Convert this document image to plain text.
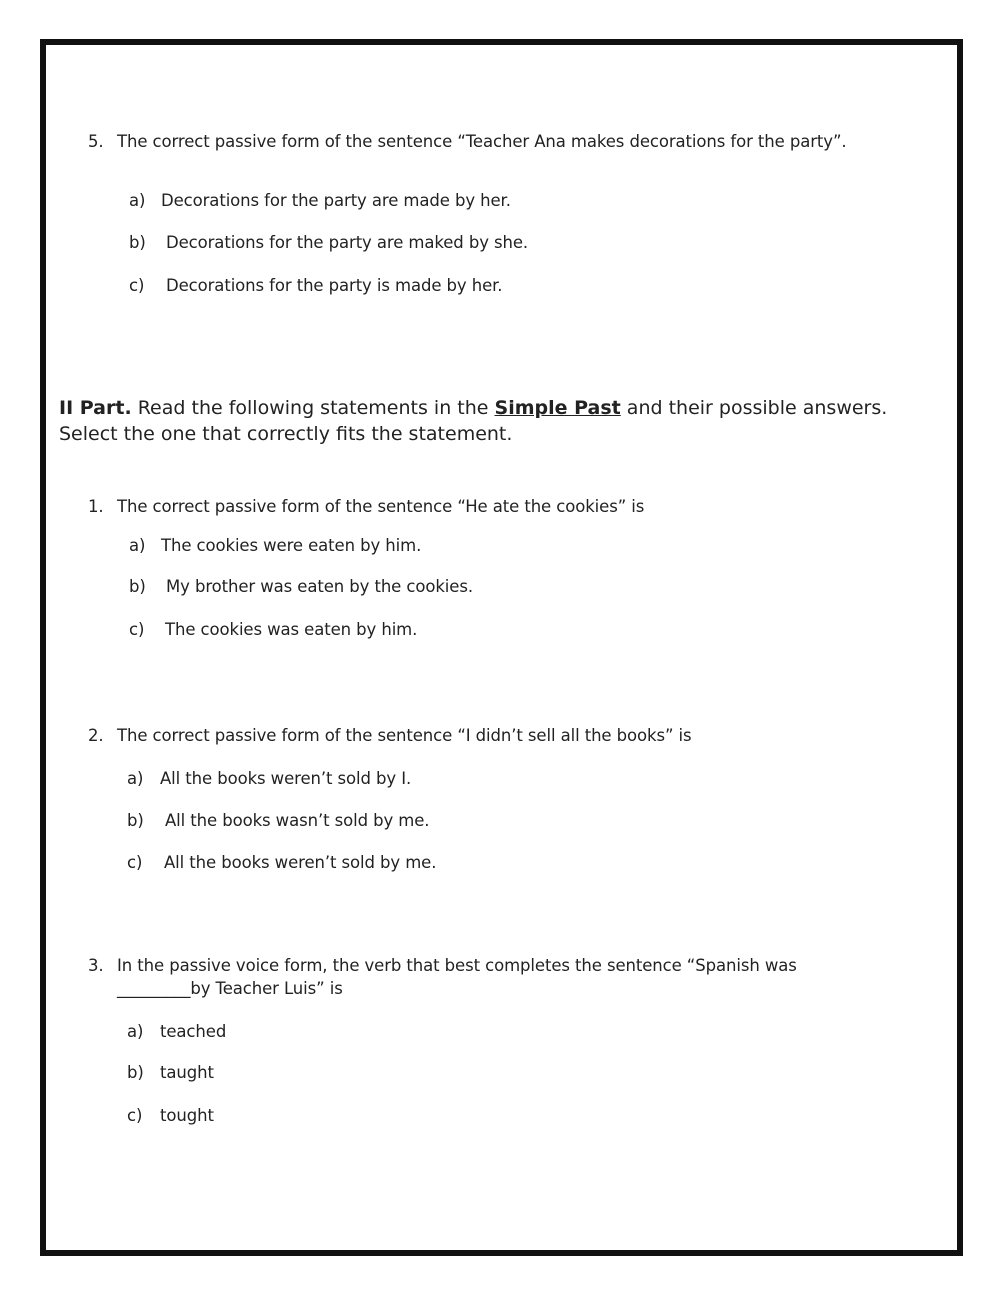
5. The correct passive form of the sentence “Teacher Ana makes decorations for the party”.
a) Decorations for the party are made by her.
b) Decorations for the party are maked by she.
c) Decorations for the party is made by her.
II Part. Read the following statements in the Simple Past and their possible answers. Select the one that correctly fits the statement.
1. The correct passive form of the sentence “He ate the cookies” is
a) The cookies were eaten by him.
b) My brother was eaten by the cookies.
c) The cookies was eaten by him.
2. The correct passive form of the sentence “I didn’t sell all the books” is
a) All the books weren’t sold by I.
b) All the books wasn’t sold by me.
c) All the books weren’t sold by me.
3. In the passive voice form, the verb that best completes the sentence “Spanish was
_________by Teacher Luis” is
a) teached
b) taught
c) tought
